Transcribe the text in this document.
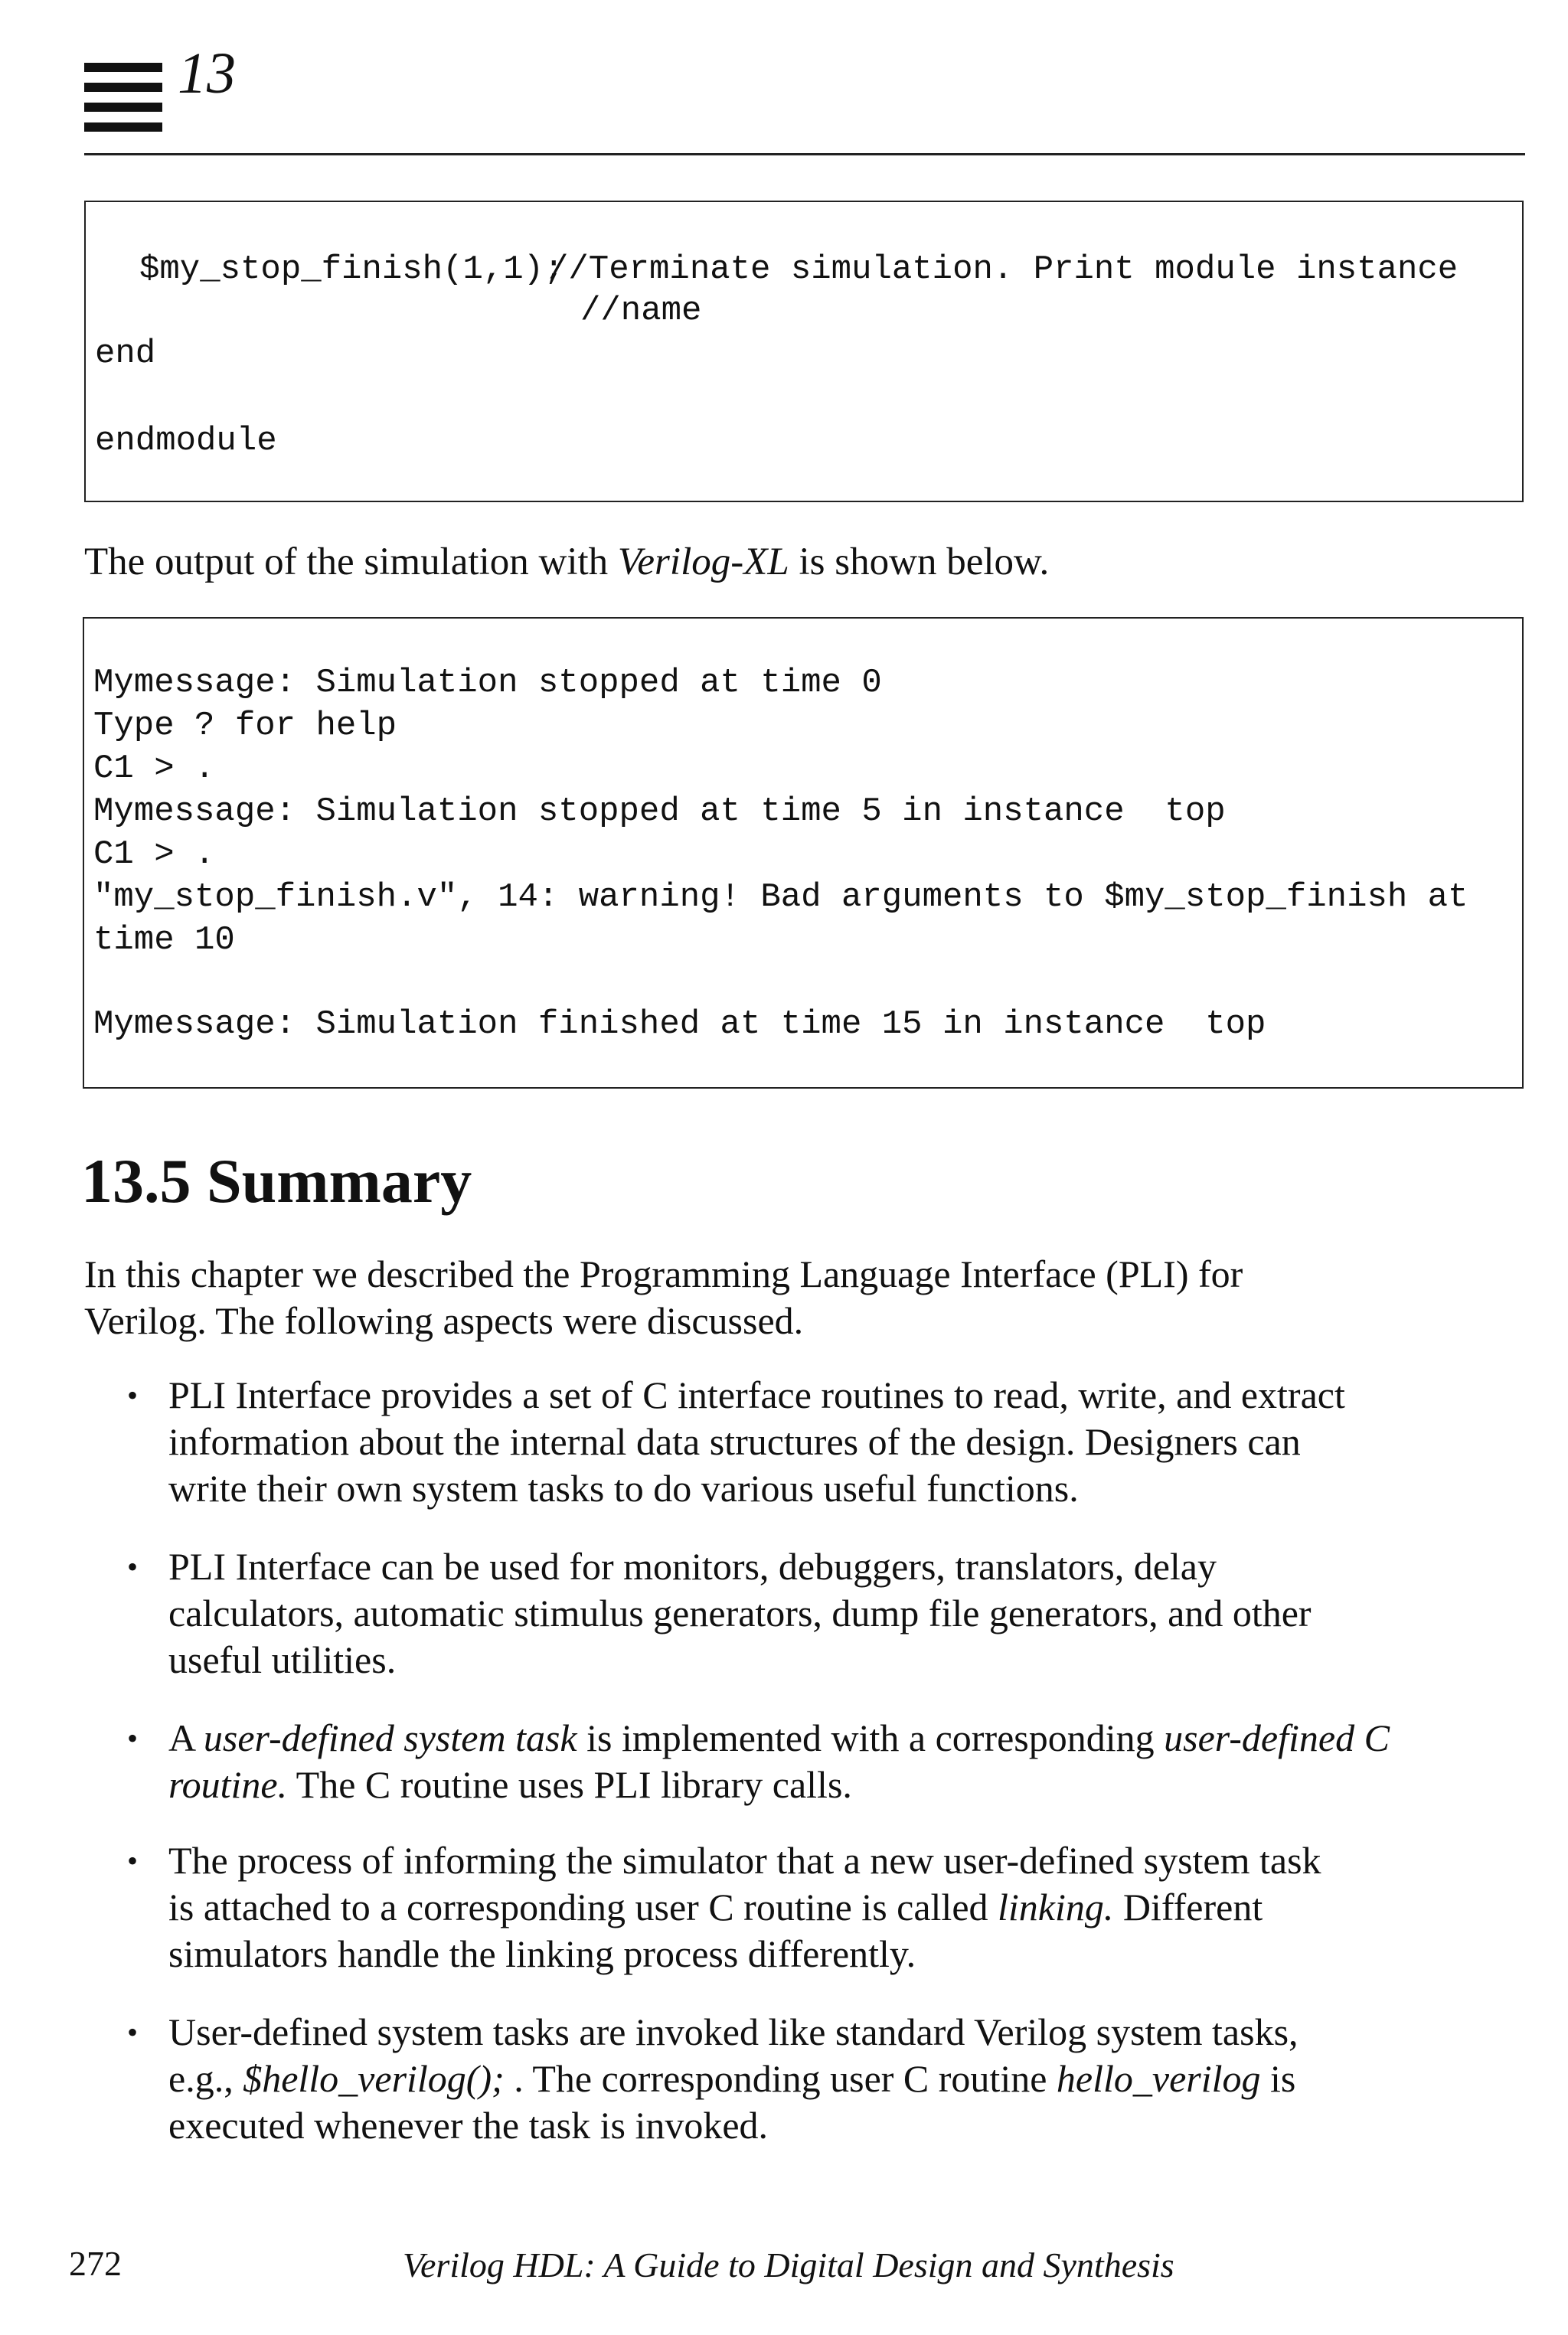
13
$my_stop_finish(1,1);
//Terminate simulation. Print module instance
//name
end
endmodule
The output of the simulation with Verilog-XL is shown below.
Mymessage: Simulation stopped at time 0
Type ? for help
C1 > .
Mymessage: Simulation stopped at time 5 in instance  top
C1 > .
"my_stop_finish.v", 14: warning! Bad arguments to $my_stop_finish at
time 10
Mymessage: Simulation finished at time 15 in instance  top
13.5 Summary
In this chapter we described the Programming Language Interface (PLI) for
Verilog. The following aspects were discussed.
• PLI Interface provides a set of C interface routines to read, write, and extract
information about the internal data structures of the design. Designers can
write their own system tasks to do various useful functions.
• PLI Interface can be used for monitors, debuggers, translators, delay
calculators, automatic stimulus generators, dump file generators, and other
useful utilities.
• A user-defined system task is implemented with a corresponding user-defined C
routine. The C routine uses PLI library calls.
• The process of informing the simulator that a new user-defined system task
is attached to a corresponding user C routine is called linking. Different
simulators handle the linking process differently.
• User-defined system tasks are invoked like standard Verilog system tasks,
e.g., $hello_verilog(); . The corresponding user C routine hello_verilog is
executed whenever the task is invoked.
272	Verilog HDL: A Guide to Digital Design and Synthesis
